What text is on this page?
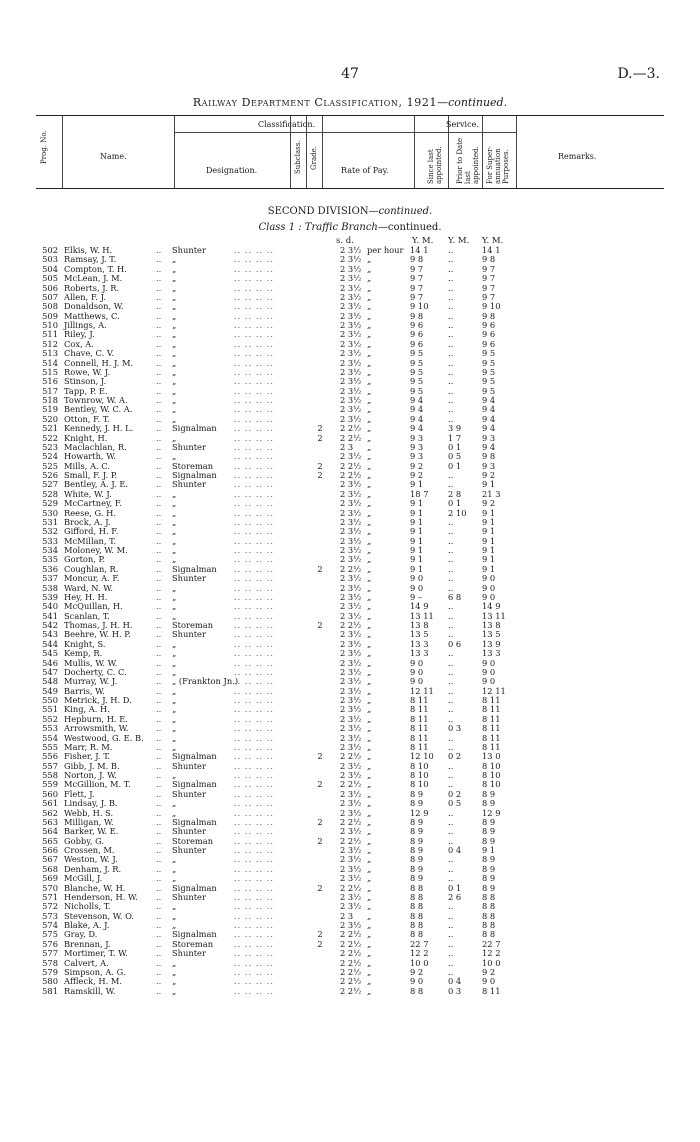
47	D.—3.
Railway Department Classification, 1921—continued.
Prog. No.	Name.
Classification.
Designation.	Subclass. Grade.
Rate of Pay.
Service.
Since last appointed. Prior to Date last appointed. For Super-annuation Purposes.	Remarks.
SECOND DIVISION—continued.
Class 1 : Traffic Branch—continued.
s. d.	Y. M. Y. M. Y. M.
..	.. .. .. ..
502 Elkis, W. H.	Shunter	2 3½ per hour 14 1	..	14 1
..	.. .. .. ..
503 Ramsay, J. T.	„	2 3½ „	9 8	..	9 8
..	.. .. .. ..
504 Compton, T. H.	„	2 3½ „	9 7	..	9 7
..	.. .. .. ..
505 McLean, J. M.	„	2 3½ „	9 7	..	9 7
..	.. .. .. ..
506 Roberts, J. R.	„	2 3½ „	9 7	..	9 7
..	.. .. .. ..
507 Allen, F. J.	„	2 3½ „	9 7	..	9 7
..	.. .. .. ..
508 Donaldson, W.	„	2 3½ „	9 10	..	9 10
..	.. .. .. ..
509 Matthews, C.	„	2 3½ „	9 8	..	9 8
..	.. .. .. ..
510 Jillings, A.	„	2 3½ „	9 6	..	9 6
..	.. .. .. ..
511 Riley, J.	„	2 3½ „	9 6	..	9 6
..	.. .. .. ..
512 Cox, A.	„	2 3½ „	9 6	..	9 6
..	.. .. .. ..
513 Chave, C. V.	„	2 3½ „	9 5	..	9 5
..	.. .. .. ..
514 Connell, H. J. M.	„	2 3½ „	9 5	..	9 5
..	.. .. .. ..
515 Rowe, W. J.	„	2 3½ „	9 5	..	9 5
..	.. .. .. ..
516 Stinson, J.	„	2 3½ „	9 5	..	9 5
..	.. .. .. ..
517 Tapp, P. E.	„	2 3½ „	9 5	..	9 5
..	.. .. .. ..
518 Townrow, W. A.	„	2 3½ „	9 4	..	9 4
..	.. .. .. ..
519 Bentley, W. C. A.	„	2 3½ „	9 4	..	9 4
..	.. .. .. ..
520 Otton, F. T.	„	2 3½ „	9 4	..	9 4
..	.. .. .. ..
521 Kennedy, J. H. L.	Signalman	2 2 2½ „	9 4	3 9	9 4
..	.. .. .. ..
522 Knight, H.	„	2 2 2½ „	9 3	1 7	9 3
..	.. .. .. ..
523 Maclachlan, R.	Shunter	2 3 „	9 3	0 1	9 4
..	.. .. .. ..
524 Howarth, W.	„	2 3½ „	9 3	0 5	9 8
..	.. .. .. ..
525 Mills, A. C.	Storeman	2 2 2½ „	9 2	0 1	9 3
..	.. .. .. ..
526 Small, F. J. P.	Signalman	2 2 2½ „	9 2	..	9 2
..	.. .. .. ..
527 Bentley, A. J. E.	Shunter	2 3½ „	9 1	..	9 1
..	.. .. .. ..
528 White, W. J.	„	2 3½ „	18 7	2 8	21 3
..	.. .. .. ..
529 McCartney, F.	„	2 3½ „	9 1	0 1	9 2
..	.. .. .. ..
530 Reese, G. H.	„	2 3½ „	9 1	2 10	9 1
..	.. .. .. ..
531 Brock, A. J.	„	2 3½ „	9 1	..	9 1
..	.. .. .. ..
532 Gifford, H. F.	„	2 3½ „	9 1	..	9 1
..	.. .. .. ..
533 McMillan, T.	„	2 3½ „	9 1	..	9 1
..	.. .. .. ..
534 Moloney, W. M.	„	2 3½ „	9 1	..	9 1
..	.. .. .. ..
535 Gorton, P.	„	2 3½ „	9 1	..	9 1
..	.. .. .. ..
536 Coughlan, R.	Signalman	2 2 2½ „	9 1	..	9 1
..	.. .. .. ..
537 Moncur, A. F.	Shunter	2 3½ „	9 0	..	9 0
..	.. .. .. ..
538 Ward, N. W.	„	2 3½ „	9 0	..	9 0
..	.. .. .. ..
539 Hey, H. H.	„	2 3½ „	9 –	6 8	9 0
..	.. .. .. ..
540 McQuillan, H.	„	2 3½ „	14 9	..	14 9
..	.. .. .. ..
541 Scanlan, T.	„	2 3½ „	13 11	..	13 11
..	.. .. .. ..
542 Thomas, J. H. H.	Storeman	2 2 2½ „	13 8	..	13 8
..	.. .. .. ..
543 Beehre, W. H. P.	Shunter	2 3½ „	13 5	..	13 5
..	.. .. .. ..
544 Knight, S.	„	2 3½ „	13 3	0 6	13 9
..	.. .. .. ..
545 Kemp, R.	„	2 3½ „	13 3	..	13 3
..	.. .. .. ..
546 Mullis, W. W.	„	2 3½ „	9 0	..	9 0
..	.. .. .. ..
547 Docherty, C. C.	„	2 3½ „	9 0	..	9 0
..	.. .. .. ..
548 Murray, W. J.	„ (Frankton Jn.)	2 3½ „	9 0	..	9 0
..	.. .. .. ..
549 Barris, W.	„	2 3½ „	12 11	..	12 11
..	.. .. .. ..
550 Metrick, J. H. D.	„	2 3½ „	8 11	..	8 11
..	.. .. .. ..
551 King, A. H.	„	2 3½ „	8 11	..	8 11
..	.. .. .. ..
552 Hepburn, H. E.	„	2 3½ „	8 11	..	8 11
..	.. .. .. ..
553 Arrowsmith, W.	„	2 3½ „	8 11	0 3	8 11
..	.. .. .. ..
554 Westwood, G. E. B.	„	2 3½ „	8 11	..	8 11
..	.. .. .. ..
555 Marr, R. M.	„	2 3½ „	8 11	..	8 11
..	.. .. .. ..
556 Fisher, J. T.	Signalman	2 2 2½ „	12 10	0 2	13 0
..	.. .. .. ..
557 Gibb, J. M. B.	Shunter	2 3½ „	8 10	..	8 10
..	.. .. .. ..
558 Norton, J. W.	„	2 3½ „	8 10	..	8 10
..	.. .. .. ..
559 McGillion, M. T.	Signalman	2 2 2½ „	8 10	..	8 10
..	.. .. .. ..
560 Flett, J.	Shunter	2 3½ „	8 9	0 2	8 9
..	.. .. .. ..
561 Lindsay, J. B.	„	2 3½ „	8 9	0 5	8 9
..	.. .. .. ..
562 Webb, H. S.	„	2 3½ „	12 9	..	12 9
..	.. .. .. ..
563 Milligan, W.	Signalman	2 2 2½ „	8 9	..	8 9
..	.. .. .. ..
564 Barker, W. E.	Shunter	2 3½ „	8 9	..	8 9
..	.. .. .. ..
565 Gobby, G.	Storeman	2 2 2½ „	8 9	..	8 9
..	.. .. .. ..
566 Crossen, M.	Shunter	2 3½ „	8 9	0 4	9 1
..	.. .. .. ..
567 Weston, W. J.	„	2 3½ „	8 9	..	8 9
..	.. .. .. ..
568 Denham, J. R.	„	2 3½ „	8 9	..	8 9
..	.. .. .. ..
569 McGill, J.	„	2 3½ „	8 9	..	8 9
..	.. .. .. ..
570 Blanche, W. H.	Signalman	2 2 2½ „	8 8	0 1	8 9
..	.. .. .. ..
571 Henderson, H. W.	Shunter	2 3½ „	8 8	2 6	8 8
..	.. .. .. ..
572 Nicholls, T.	„	2 3½ „	8 8	..	8 8
..	.. .. .. ..
573 Stevenson, W. O.	„	2 3 „	8 8	..	8 8
..	.. .. .. ..
574 Blake, A. J.	„	2 3½ „	8 8	..	8 8
..	.. .. .. ..
575 Gray, D.	Signalman	2 2 2½ „	8 8	..	8 8
..	.. .. .. ..
576 Brennan, J.	Storeman	2 2 2½ „	22 7	..	22 7
..	.. .. .. ..
577 Mortimer, T. W.	Shunter	2 2½ „	12 2	..	12 2
..	.. .. .. ..
578 Calvert, A.	„	2 2½ „	10 0	..	10 0
..	.. .. .. ..
579 Simpson, A. G.	„	2 2½ „	9 2	..	9 2
..	.. .. .. ..
580 Affleck, H. M.	„	2 2½ „	9 0	0 4	9 0
..	.. .. .. ..
581 Ramskill, W.	„	2 2½ „	8 8	0 3	8 11
